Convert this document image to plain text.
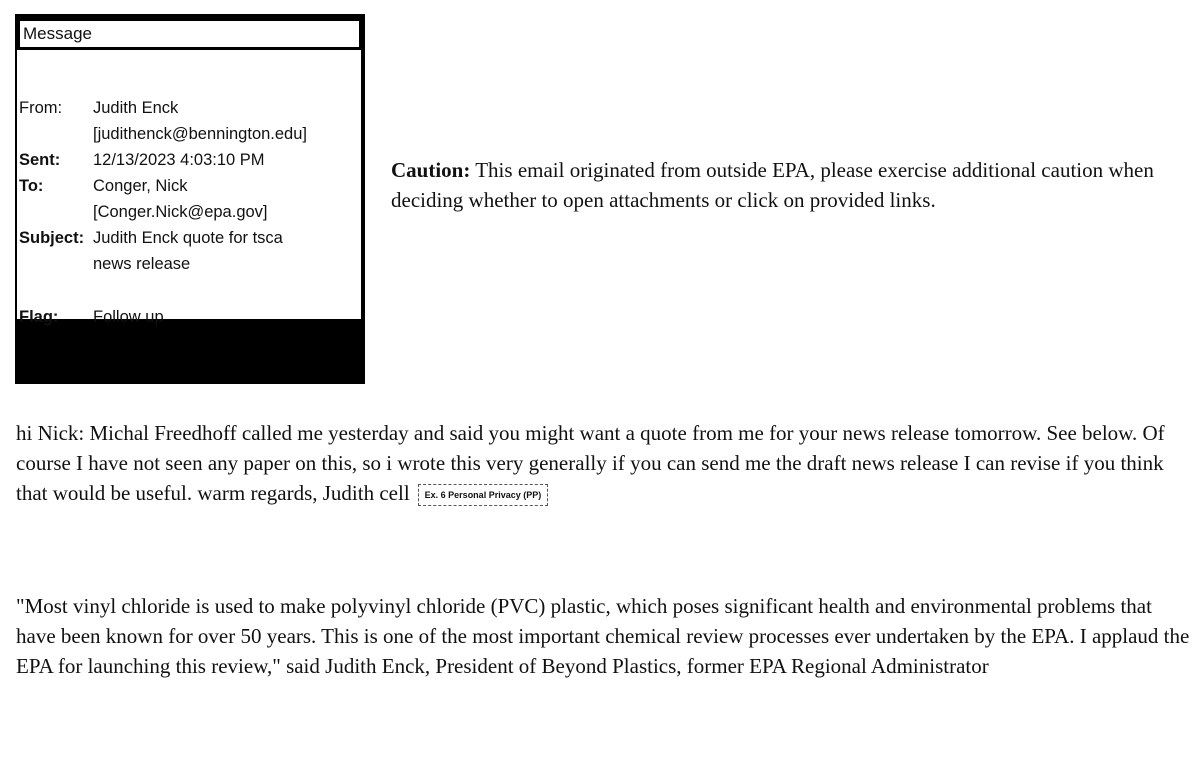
Message
From: Judith Enck
[judithenck@bennington.edu]
Sent: 12/13/2023 4:03:10 PM
To:	Conger, Nick
[Conger.Nick@epa.gov]
Subject: Judith Enck quote for tsca
news release
Flag: Follow up
Caution: This email originated from outside EPA, please exercise additional caution when deciding whether to open attachments or click on provided links.
hi Nick: Michal Freedhoff called me yesterday and said you might want a quote from me for your news release tomorrow. See below. Of course I have not seen any paper on this, so i wrote this very generally if you can send me the draft news release I can revise if you think that would be useful. warm regards, Judith cell Ex. 6 Personal Privacy (PP)
"Most vinyl chloride is used to make polyvinyl chloride (PVC) plastic, which poses significant health and environmental problems that have been known for over 50 years. This is one of the most important chemical review processes ever undertaken by the EPA. I applaud the EPA for launching this review," said Judith Enck, President of Beyond Plastics, former EPA Regional Administrator
